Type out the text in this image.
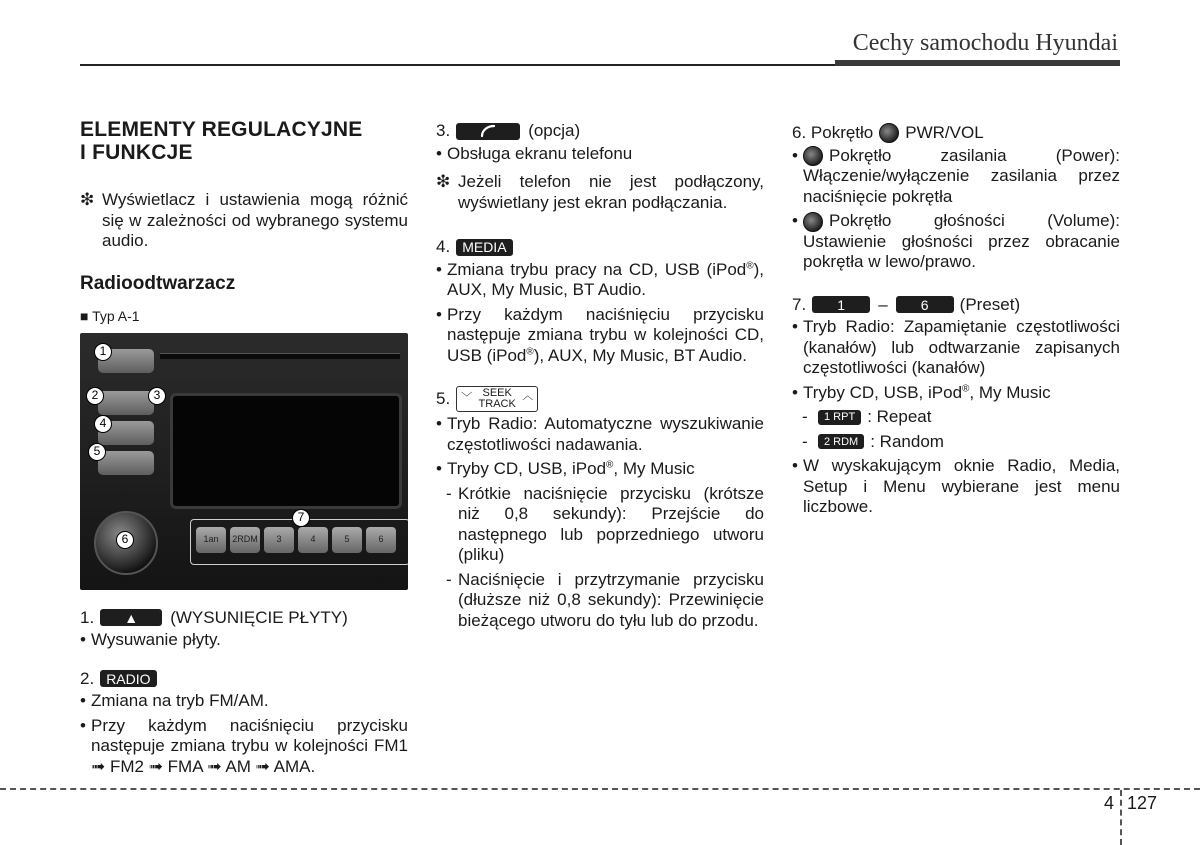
Cechy samochodu Hyundai
ELEMENTY REGULACYJNE
I FUNKCJE
❇ Wyświetlacz i ustawienia mogą różnić się w zależności od wybranego systemu audio.
Radioodtwarzacz
■ Typ A-1
1an	2RDM	3	4	5	6
1
2	3
4
5
6
7
1.	▲	(WYSUNIĘCIE PŁYTY)
• Wysuwanie płyty.
2. RADIO
• Zmiana na tryb FM/AM.
• Przy każdym naciśnięciu przycisku następuje zmiana trybu w kolejności FM1 ➟ FM2 ➟ FMA ➟ AM ➟ AMA.
3.	(opcja)
• Obsługa ekranu telefonu
❇ Jeżeli telefon nie jest podłączony, wyświetlany jest ekran podłączania.
4. MEDIA
• Zmiana trybu pracy na CD, USB (iPod®), AUX, My Music, BT Audio.
• Przy każdym naciśnięciu przycisku następuje zmiana trybu w kolejności CD, USB (iPod®), AUX, My Music, BT Audio.
5. ﹀ SEEK
TRACK
︿
• Tryb Radio: Automatyczne wyszukiwanie częstotliwości nadawania.
• Tryby CD, USB, iPod®, My Music
- Krótkie naciśnięcie przycisku (krótsze niż 0,8 sekundy): Przejście do następnego lub poprzedniego utworu (pliku)
- Naciśnięcie i przytrzymanie przycisku (dłuższe niż 0,8 sekundy): Przewinięcie bieżącego utworu do tyłu lub do przodu.
6. Pokrętło PWR/VOL
•	Pokrętło zasilania (Power): Włączenie/wyłączenie zasilania przez naciśnięcie pokrętła
•	Pokrętło głośności (Volume): Ustawienie głośności przez obracanie pokrętła w lewo/prawo.
7.	1	–	6	(Preset)
• Tryb Radio: Zapamiętanie częstotliwości (kanałów) lub odtwarzanie zapisanych częstotliwości (kanałów)
• Tryby CD, USB, iPod®, My Music
-	1 RPT : Repeat
-	2 RDM : Random
• W wyskakującym oknie Radio, Media, Setup i Menu wybierane jest menu liczbowe.
4 127
